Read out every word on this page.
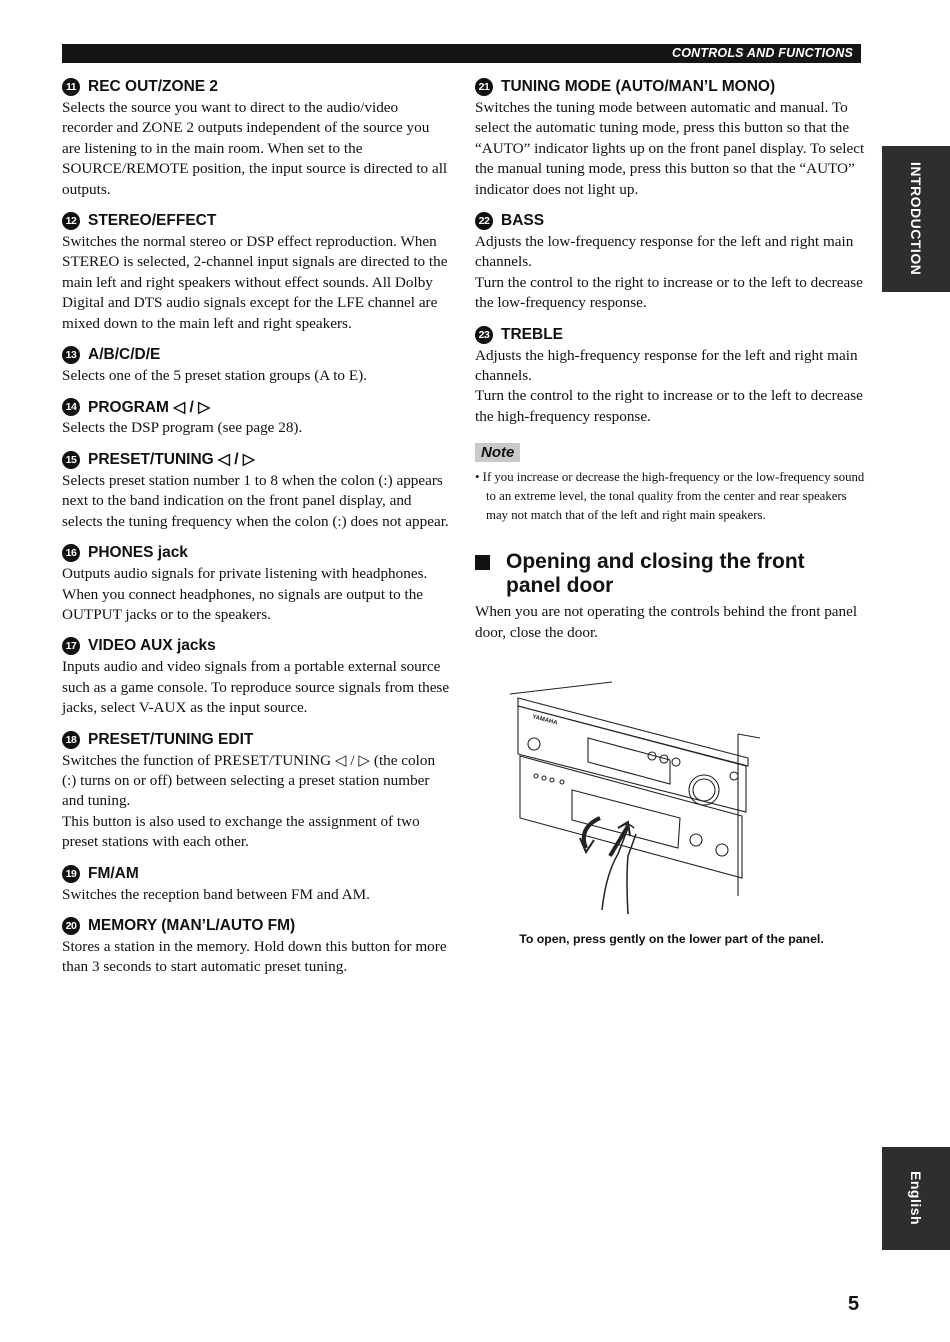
CONTROLS AND FUNCTIONS
11 REC OUT/ZONE 2

Selects the source you want to direct to the audio/video recorder and ZONE 2 outputs independent of the source you are listening to in the main room. When set to the SOURCE/REMOTE position, the input source is directed to all outputs.

12 STEREO/EFFECT

Switches the normal stereo or DSP effect reproduction. When STEREO is selected, 2-channel input signals are directed to the main left and right speakers without effect sounds. All Dolby Digital and DTS audio signals except for the LFE channel are mixed down to the main left and right speakers.

13 A/B/C/D/E

Selects one of the 5 preset station groups (A to E).

14 PROGRAM ◁ / ▷

Selects the DSP program (see page 28).

15 PRESET/TUNING ◁ / ▷

Selects preset station number 1 to 8 when the colon (:) appears next to the band indication on the front panel display, and selects the tuning frequency when the colon (:) does not appear.

16 PHONES jack

Outputs audio signals for private listening with headphones. When you connect headphones, no signals are output to the OUTPUT jacks or to the speakers.

17 VIDEO AUX jacks

Inputs audio and video signals from a portable external source such as a game console. To reproduce source signals from these jacks, select V-AUX as the input source.

18 PRESET/TUNING EDIT

Switches the function of PRESET/TUNING ◁ / ▷ (the colon (:) turns on or off) between selecting a preset station number and tuning.

This button is also used to exchange the assignment of two preset stations with each other.

19 FM/AM

Switches the reception band between FM and AM.

20 MEMORY (MAN’L/AUTO FM)

Stores a station in the memory. Hold down this button for more than 3 seconds to start automatic preset tuning.

21 TUNING MODE (AUTO/MAN’L MONO)

Switches the tuning mode between automatic and manual. To select the automatic tuning mode, press this button so that the “AUTO” indicator lights up on the front panel display. To select the manual tuning mode, press this button so that the “AUTO” indicator does not light up.

22 BASS

Adjusts the low-frequency response for the left and right main channels.

Turn the control to the right to increase or to the left to decrease the low-frequency response.

23 TREBLE

Adjusts the high-frequency response for the left and right main channels.

Turn the control to the right to increase or to the left to decrease the high-frequency response.

Note

• If you increase or decrease the high-frequency or the low-frequency sound to an extreme level, the tonal quality from the center and rear speakers may not match that of the left and right main speakers.

Opening and closing the front panel door

When you are not operating the controls behind the front panel door, close the door.

YAMAHA
To open, press gently on the lower part of the panel.
INTRODUCTION
English
5
